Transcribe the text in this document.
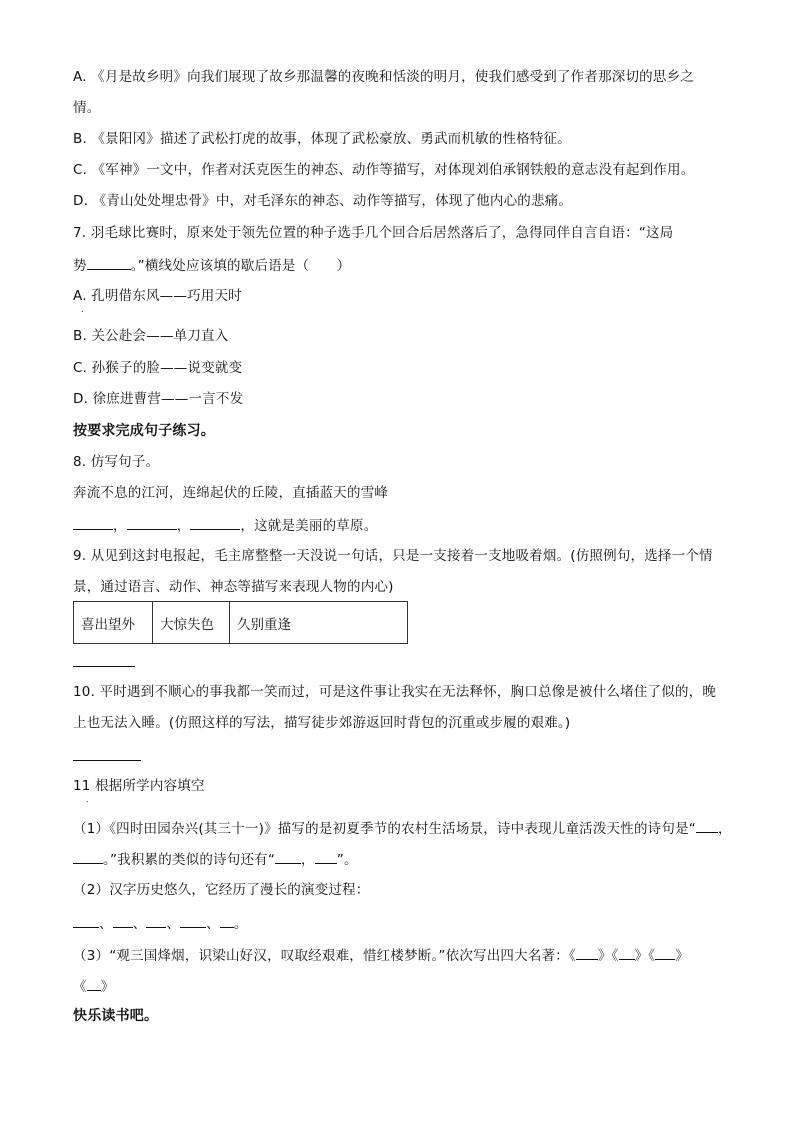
A. 《月是故乡明》向我们展现了故乡那温馨的夜晚和恬淡的明月，使我们感受到了作者那深切的思乡之
情。
B. 《景阳冈》描述了武松打虎的故事，体现了武松豪放、勇武而机敏的性格特征。
C. 《军神》一文中，作者对沃克医生的神态、动作等描写，对体现刘伯承钢铁般的意志没有起到作用。
D. 《青山处处埋忠骨》中，对毛泽东的神态、动作等描写，体现了他内心的悲痛。
7. 羽毛球比赛时，原来处于领先位置的种子选手几个回合后居然落后了，急得同伴自言自语：“这局
势	。”横线处应该填的歇后语是（　　）
A. 孔明借东风——巧用天时
.
B. 关公赴会——单刀直入
C. 孙猴子的脸——说变就变
D. 徐庶进曹营——一言不发
按要求完成句子练习。
8. 仿写句子。
奔流不息的江河，连绵起伏的丘陵，直插蓝天的雪峰
，	，	，这就是美丽的草原。
9. 从见到这封电报起，毛主席整整一天没说一句话，只是一支接着一支地吸着烟。(仿照例句，选择一个情
景，通过语言、动作、神态等描写来表现人物的内心)
喜出望外	大惊失色	久别重逢
10. 平时遇到不顺心的事我都一笑而过，可是这件事让我实在无法释怀，胸口总像是被什么堵住了似的，晚
上也无法入睡。(仿照这样的写法，描写徒步郊游返回时背包的沉重或步履的艰难。)
11 根据所学内容填空
.
（1）《四时田园杂兴(其三十一)》描写的是初夏季节的农村生活场景，诗中表现儿童活泼天性的诗句是“ ，
。”我积累的类似的诗句还有“ ， ”。
（2）汉字历史悠久，它经历了漫长的演变过程：
、 、 、 、 。
（3）“观三国烽烟，识梁山好汉，叹取经艰难，惜红楼梦断。”依次写出四大名著：《 》《 》《 》
《 》
快乐读书吧。
